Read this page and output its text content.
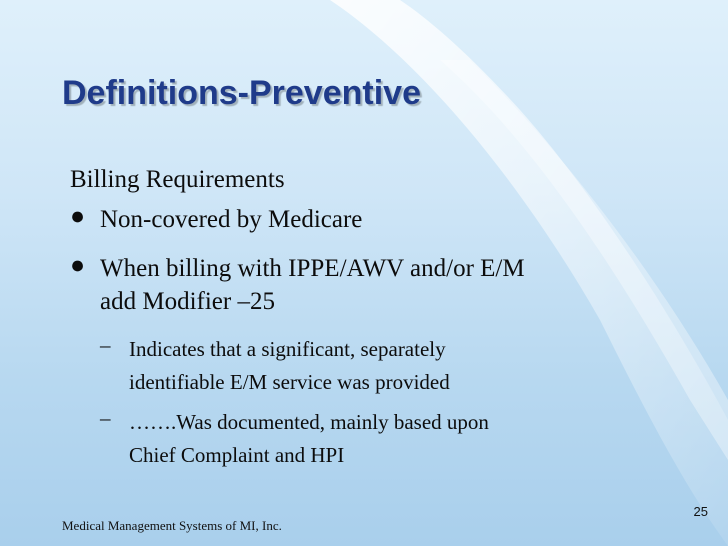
Definitions-Preventive
Billing Requirements
● Non-covered by Medicare
● When billing with IPPE/AWV and/or E/M
add Modifier –25
– Indicates that a significant, separately
identifiable E/M service was provided
– …….Was documented, mainly based upon
Chief Complaint and HPI
Medical Management Systems of MI, Inc.
25
